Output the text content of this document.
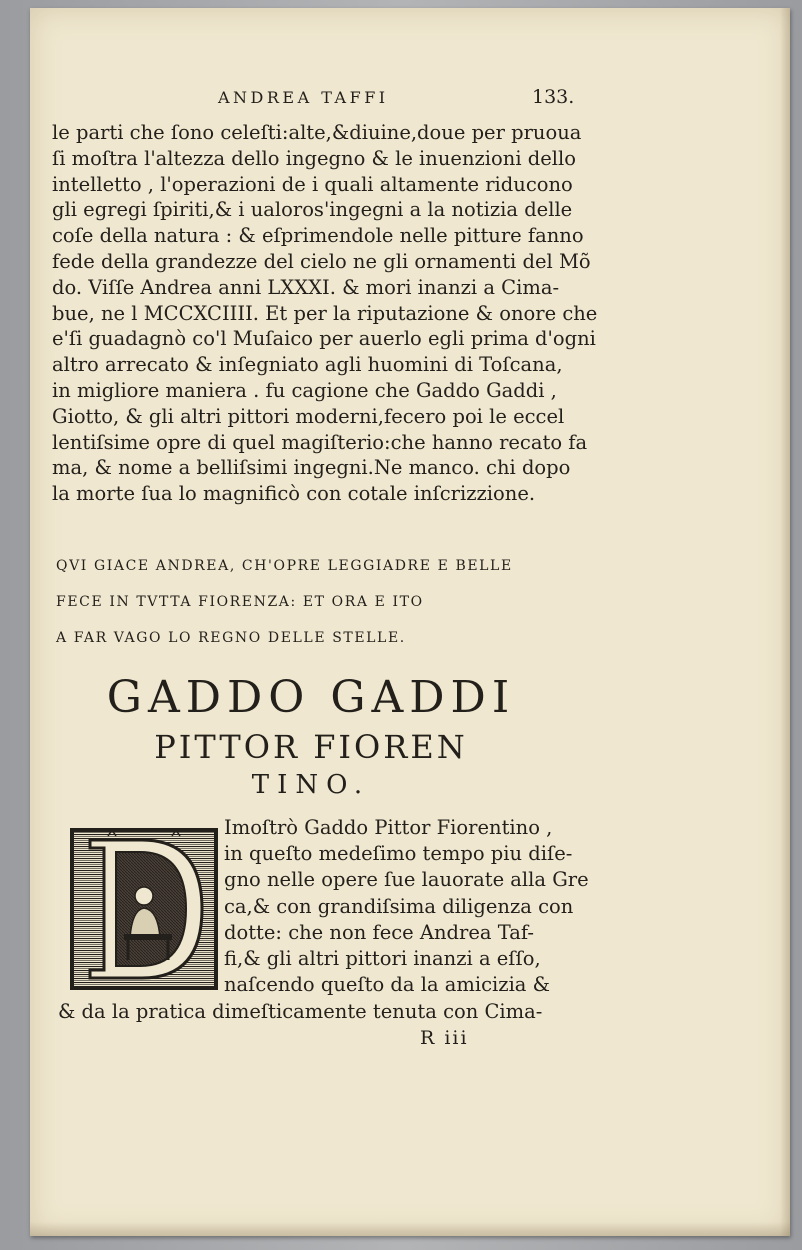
ANDREA TAFFI	133.
le parti che ſono celeſti:alte,&diuine,doue per pruoua
ſi moſtra l'altezza dello ingegno & le inuenzioni dello
intelletto , l'operazioni de i quali altamente riducono
gli egregi ſpiriti,& i ualoros'ingegni a la notizia delle
coſe della natura : & eſprimendole nelle pitture fanno
fede della grandezze del cielo ne gli ornamenti del Mõ
do. Viſſe Andrea anni LXXXI. & mori inanzi a Cima-
bue, ne l MCCXCIIII. Et per la riputazione & onore che
e'ſi guadagnò co'l Muſaico per auerlo egli prima d'ogni
altro arrecato & inſegniato agli huomini di Toſcana,
in migliore maniera . fu cagione che Gaddo Gaddi ,
Giotto, & gli altri pittori moderni,fecero poi le eccel
lentiſsime opre di quel magiſterio:che hanno recato fa
ma, & nome a belliſsimi ingegni.Ne manco. chi dopo
la morte ſua lo magnificò con cotale inſcrizzione.
QVI GIACE ANDREA, CH'OPRE LEGGIADRE E BELLE
FECE IN TVTTA FIORENZA: ET ORA E ITO
A FAR VAGO LO REGNO DELLE STELLE.
GADDO GADDI
PITTOR FIOREN
TINO.
Imoſtrò Gaddo Pittor Fiorentino ,
in queſto medeſimo tempo piu diſe-
gno nelle opere ſue lauorate alla Gre
ca,& con grandiſsima diligenza con
dotte: che non fece Andrea Taf-
fi,& gli altri pittori inanzi a eſſo,
naſcendo queſto da la amicizia &
& da la pratica dimeſticamente tenuta con Cima-
R iii
